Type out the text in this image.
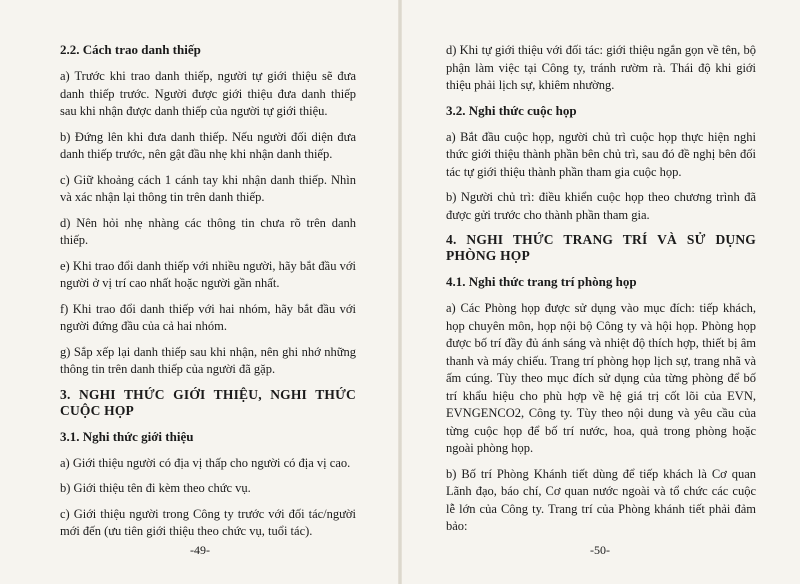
2.2. Cách trao danh thiếp

a) Trước khi trao danh thiếp, người tự giới thiệu sẽ đưa danh thiếp trước. Người được giới thiệu đưa danh thiếp sau khi nhận được danh thiếp của người tự giới thiệu.

b) Đứng lên khi đưa danh thiếp. Nếu người đối diện đưa danh thiếp trước, nên gật đầu nhẹ khi nhận danh thiếp.

c) Giữ khoảng cách 1 cánh tay khi nhận danh thiếp. Nhìn và xác nhận lại thông tin trên danh thiếp.

d) Nên hỏi nhẹ nhàng các thông tin chưa rõ trên danh thiếp.

e) Khi trao đổi danh thiếp với nhiều người, hãy bắt đầu với người ở vị trí cao nhất hoặc người gần nhất.

f) Khi trao đổi danh thiếp với hai nhóm, hãy bắt đầu với người đứng đầu của cả hai nhóm.

g) Sắp xếp lại danh thiếp sau khi nhận, nên ghi nhớ những thông tin trên danh thiếp của người đã gặp.

3. NGHI THỨC GIỚI THIỆU, NGHI THỨC CUỘC HỌP
3.1. Nghi thức giới thiệu

a) Giới thiệu người có địa vị thấp cho người có địa vị cao.

b) Giới thiệu tên đi kèm theo chức vụ.

c) Giới thiệu người trong Công ty trước với đối tác/người mới đến (ưu tiên giới thiệu theo chức vụ, tuổi tác).

-49-

d) Khi tự giới thiệu với đối tác: giới thiệu ngắn gọn về tên, bộ phận làm việc tại Công ty, tránh rườm rà. Thái độ khi giới thiệu phải lịch sự, khiêm nhường.

3.2. Nghi thức cuộc họp

a) Bắt đầu cuộc họp, người chủ trì cuộc họp thực hiện nghi thức giới thiệu thành phần bên chủ trì, sau đó đề nghị bên đối tác tự giới thiệu thành phần tham gia cuộc họp.

b) Người chủ trì: điều khiển cuộc họp theo chương trình đã được gửi trước cho thành phần tham gia.

4. NGHI THỨC TRANG TRÍ VÀ SỬ DỤNG PHÒNG HỌP
4.1. Nghi thức trang trí phòng họp

a) Các Phòng họp được sử dụng vào mục đích: tiếp khách, họp chuyên môn, họp nội bộ Công ty và hội họp. Phòng họp được bố trí đầy đủ ánh sáng và nhiệt độ thích hợp, thiết bị âm thanh và máy chiếu. Trang trí phòng họp lịch sự, trang nhã và ấm cúng. Tùy theo mục đích sử dụng của từng phòng để bố trí khẩu hiệu cho phù hợp về hệ giá trị cốt lõi của EVN, EVNGENCO2, Công ty. Tùy theo nội dung và yêu cầu của từng cuộc họp để bố trí nước, hoa, quả trong phòng hoặc ngoài phòng họp.

b) Bố trí Phòng Khánh tiết dùng để tiếp khách là Cơ quan Lãnh đạo, báo chí, Cơ quan nước ngoài và tổ chức các cuộc lễ lớn của Công ty. Trang trí của Phòng khánh tiết phải đảm bảo:

-50-
